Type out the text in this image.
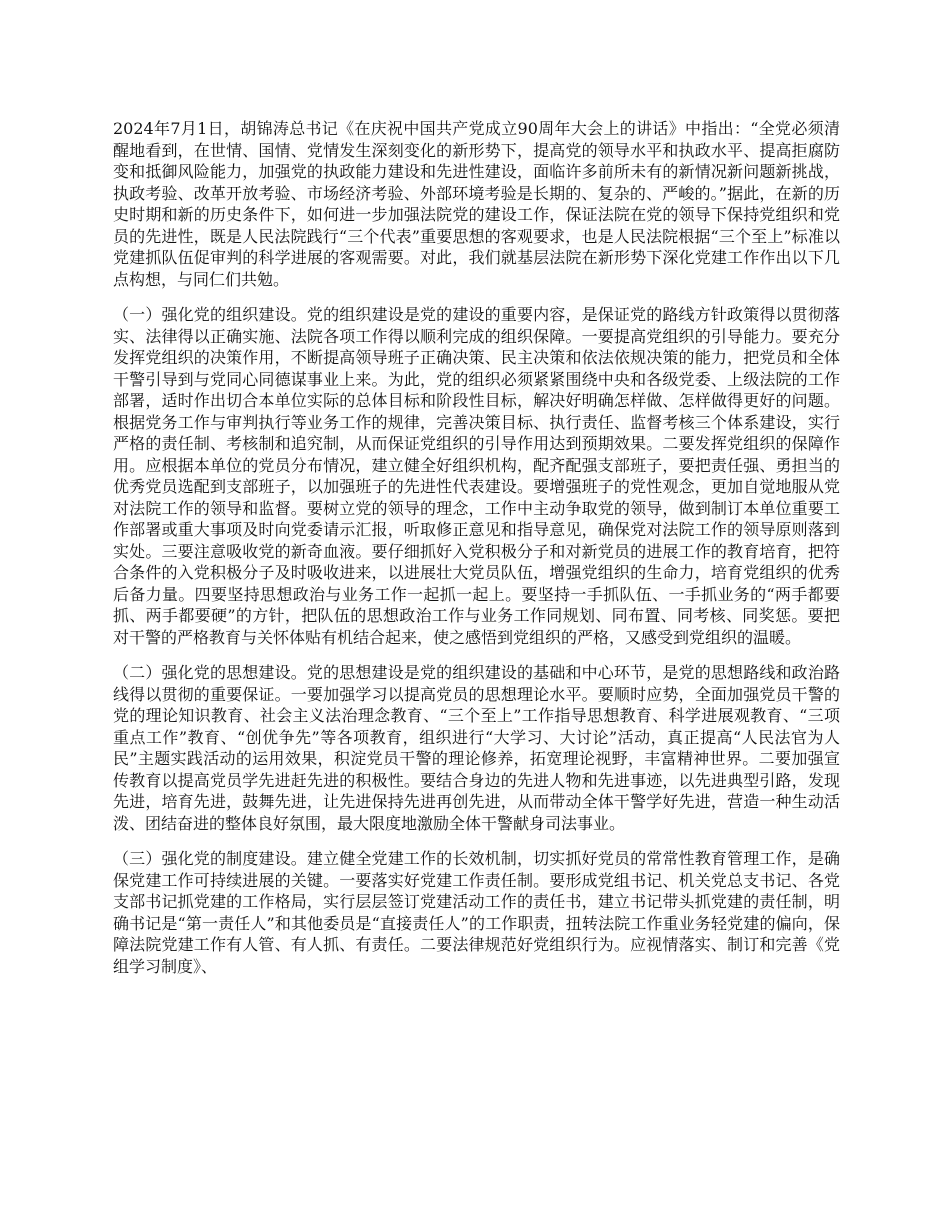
2024年7月1日，胡锦涛总书记《在庆祝中国共产党成立90周年大会上的讲话》中指出：“全党必须清醒地看到，在世情、国情、党情发生深刻变化的新形势下，提高党的领导水平和执政水平、提高拒腐防变和抵御风险能力，加强党的执政能力建设和先进性建设，面临许多前所未有的新情况新问题新挑战，执政考验、改革开放考验、市场经济考验、外部环境考验是长期的、复杂的、严峻的。”据此，在新的历史时期和新的历史条件下，如何进一步加强法院党的建设工作，保证法院在党的领导下保持党组织和党员的先进性，既是人民法院践行“三个代表”重要思想的客观要求，也是人民法院根据“三个至上”标准以党建抓队伍促审判的科学进展的客观需要。对此，我们就基层法院在新形势下深化党建工作作出以下几点构想，与同仁们共勉。

（一）强化党的组织建设。党的组织建设是党的建设的重要内容，是保证党的路线方针政策得以贯彻落实、法律得以正确实施、法院各项工作得以顺利完成的组织保障。一要提高党组织的引导能力。要充分发挥党组织的决策作用，不断提高领导班子正确决策、民主决策和依法依规决策的能力，把党员和全体干警引导到与党同心同德谋事业上来。为此，党的组织必须紧紧围绕中央和各级党委、上级法院的工作部署，适时作出切合本单位实际的总体目标和阶段性目标，解决好明确怎样做、怎样做得更好的问题。根据党务工作与审判执行等业务工作的规律，完善决策目标、执行责任、监督考核三个体系建设，实行严格的责任制、考核制和追究制，从而保证党组织的引导作用达到预期效果。二要发挥党组织的保障作用。应根据本单位的党员分布情况，建立健全好组织机构，配齐配强支部班子，要把责任强、勇担当的优秀党员选配到支部班子，以加强班子的先进性代表建设。要增强班子的党性观念，更加自觉地服从党对法院工作的领导和监督。要树立党的领导的理念，工作中主动争取党的领导，做到制订本单位重要工作部署或重大事项及时向党委请示汇报，听取修正意见和指导意见，确保党对法院工作的领导原则落到实处。三要注意吸收党的新奇血液。要仔细抓好入党积极分子和对新党员的进展工作的教育培育，把符合条件的入党积极分子及时吸收进来，以进展壮大党员队伍，增强党组织的生命力，培育党组织的优秀后备力量。四要坚持思想政治与业务工作一起抓一起上。要坚持一手抓队伍、一手抓业务的“两手都要抓、两手都要硬”的方针，把队伍的思想政治工作与业务工作同规划、同布置、同考核、同奖惩。要把对干警的严格教育与关怀体贴有机结合起来，使之感悟到党组织的严格，又感受到党组织的温暖。

（二）强化党的思想建设。党的思想建设是党的组织建设的基础和中心环节，是党的思想路线和政治路线得以贯彻的重要保证。一要加强学习以提高党员的思想理论水平。要顺时应势，全面加强党员干警的党的理论知识教育、社会主义法治理念教育、“三个至上”工作指导思想教育、科学进展观教育、“三项重点工作”教育、“创优争先”等各项教育，组织进行“大学习、大讨论”活动，真正提高“人民法官为人民”主题实践活动的运用效果，积淀党员干警的理论修养，拓宽理论视野，丰富精神世界。二要加强宣传教育以提高党员学先进赶先进的积极性。要结合身边的先进人物和先进事迹，以先进典型引路，发现先进，培育先进，鼓舞先进，让先进保持先进再创先进，从而带动全体干警学好先进，营造一种生动活泼、团结奋进的整体良好氛围，最大限度地激励全体干警献身司法事业。

（三）强化党的制度建设。建立健全党建工作的长效机制，切实抓好党员的常常性教育管理工作，是确保党建工作可持续进展的关键。一要落实好党建工作责任制。要形成党组书记、机关党总支书记、各党支部书记抓党建的工作格局，实行层层签订党建活动工作的责任书，建立书记带头抓党建的责任制，明确书记是“第一责任人”和其他委员是“直接责任人”的工作职责，扭转法院工作重业务轻党建的偏向，保障法院党建工作有人管、有人抓、有责任。二要法律规范好党组织行为。应视情落实、制订和完善《党组学习制度》、
